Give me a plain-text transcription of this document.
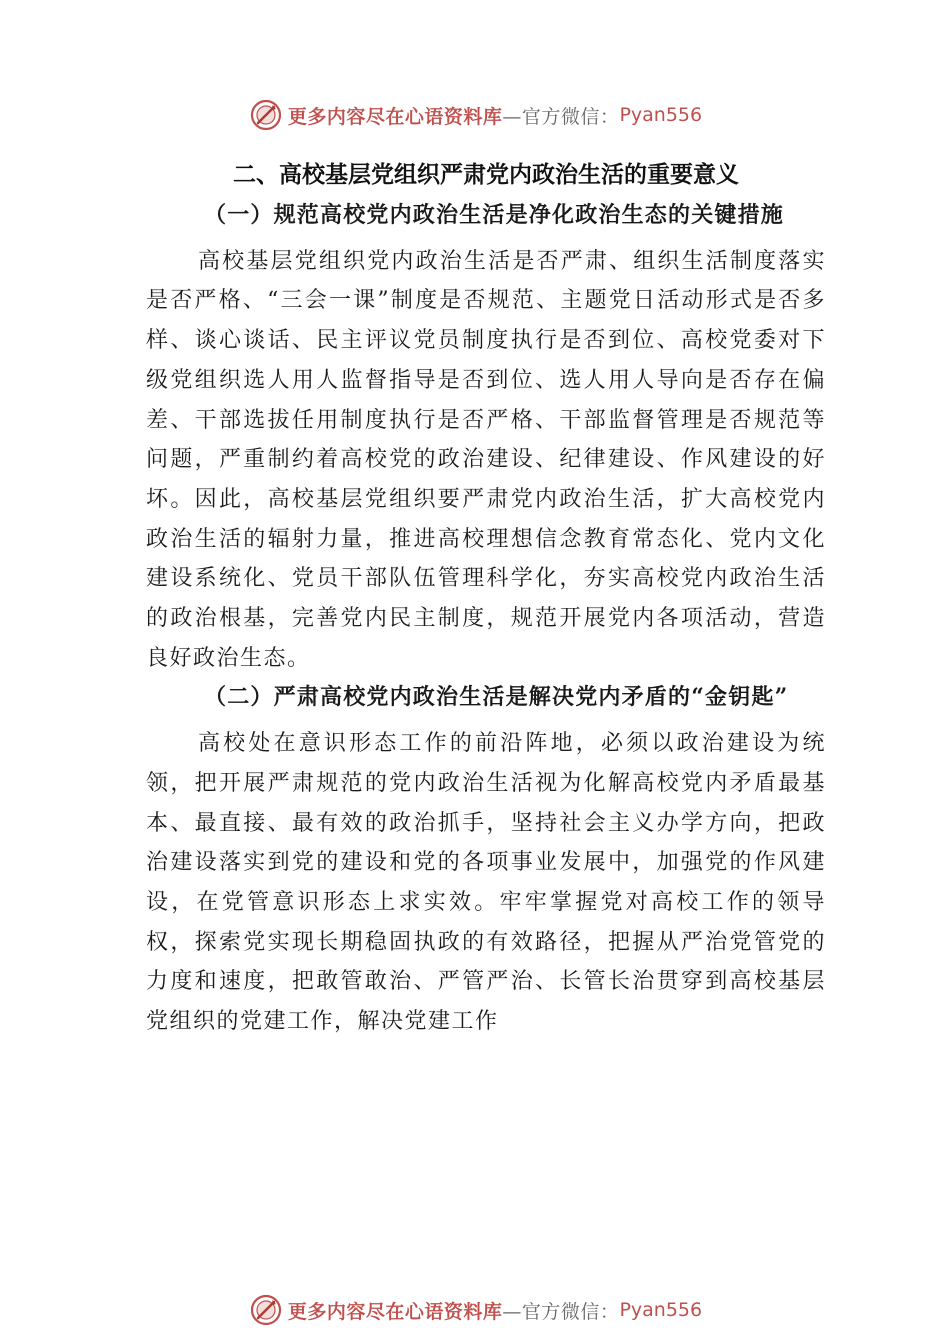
更多内容尽在心语资料库 —官方微信： Pyan556
二、高校基层党组织严肃党内政治生活的重要意义

（一）规范高校党内政治生活是净化政治生态的关键措施

高校基层党组织党内政治生活是否严肃、组织生活制度落实是否严格、“三会一课”制度是否规范、主题党日活动形式是否多样、谈心谈话、民主评议党员制度执行是否到位、高校党委对下级党组织选人用人监督指导是否到位、选人用人导向是否存在偏差、干部选拔任用制度执行是否严格、干部监督管理是否规范等问题，严重制约着高校党的政治建设、纪律建设、作风建设的好坏。因此，高校基层党组织要严肃党内政治生活，扩大高校党内政治生活的辐射力量，推进高校理想信念教育常态化、党内文化建设系统化、党员干部队伍管理科学化，夯实高校党内政治生活的政治根基，完善党内民主制度，规范开展党内各项活动，营造良好政治生态。

（二）严肃高校党内政治生活是解决党内矛盾的“金钥匙”

高校处在意识形态工作的前沿阵地，必须以政治建设为统领，把开展严肃规范的党内政治生活视为化解高校党内矛盾最基本、最直接、最有效的政治抓手，坚持社会主义办学方向，把政治建设落实到党的建设和党的各项事业发展中，加强党的作风建设，在党管意识形态上求实效。牢牢掌握党对高校工作的领导权，探索党实现长期稳固执政的有效路径，把握从严治党管党的力度和速度，把敢管敢治、严管严治、长管长治贯穿到高校基层党组织的党建工作，解决党建工作

更多内容尽在心语资料库 —官方微信： Pyan556
